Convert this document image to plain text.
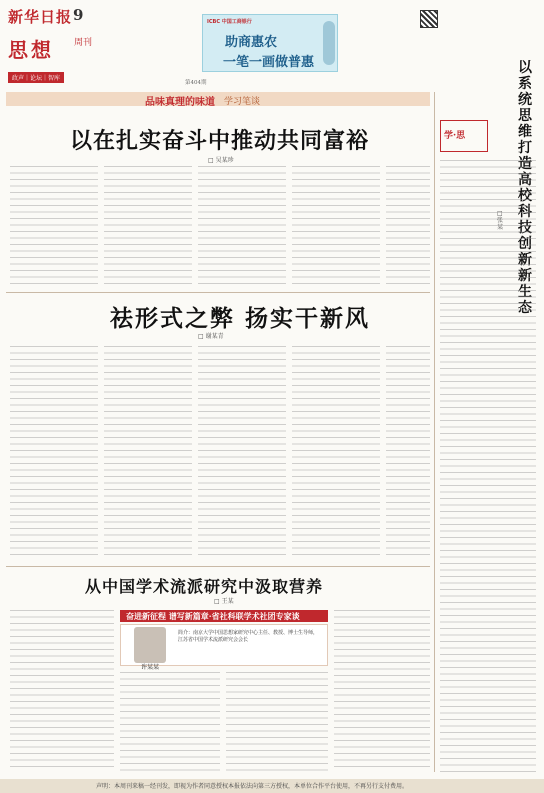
新华日报 9
思想 周刊
政声｜论坛｜智库
第404期
ICBC 中国工商银行
助商惠农
一笔一画做普惠
品味真理的味道 学习笔谈
以在扎实奋斗中推动共同富裕
□ 吴某珍
祛形式之弊 扬实干新风
□ 谢某青
学·思
以系统思维打造高校科技创新新生态
□ 张某
从中国学术流派研究中汲取营养
□ 王某
奋进新征程 谱写新篇章·省社科联学术社团专家谈
许某某
简介：南京大学中国思想家研究中心主任、教授、博士生导师，江苏省中国学术流派研究会会长
声明：本周刊来稿一经刊发，即视为作者同意授权本报依法向第三方授权，本单位合作平台使用，不再另行支付费用。
